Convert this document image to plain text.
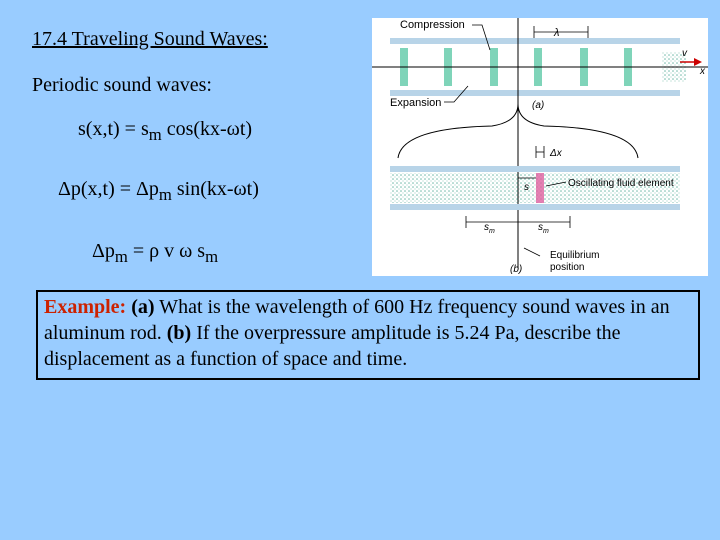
17.4 Traveling Sound Waves:
Periodic sound waves:
$s(x,t) = s_m$ cos(kx-ωt)
$\Delta p(x,t) = \Delta p_m$ sin(kx-ωt)
$\Delta p_m = \rho$ v ω $s_m$
v
x
Compression
λ
Expansion	(a)
Δx
s	Oscillating fluid element
$s_m$	$s_m$
Equilibrium
position
(b)
Example: (a) What is the wavelength of 600 Hz frequency sound waves in an aluminum rod. (b) If the overpressure amplitude is 5.24 Pa, describe the displacement as a function of space and time.
